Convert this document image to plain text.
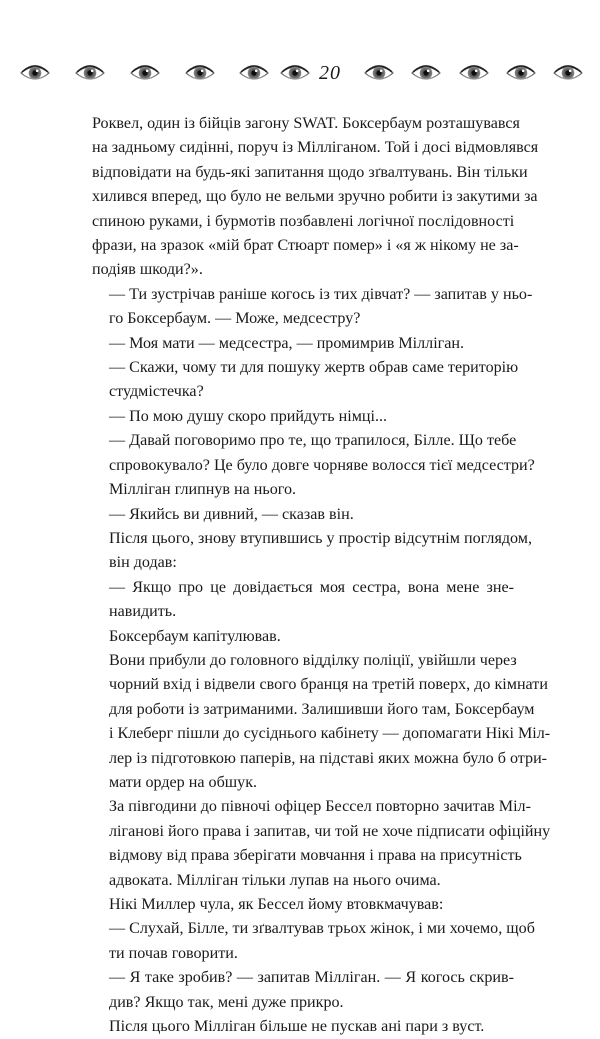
20

Роквел, один із бійців загону SWAT. Боксербаум розташувався
на задньому сидінні, поруч із Мілліганом. Той і досі відмовлявся
відповідати на будь-які запитання щодо зґвалтувань. Він тільки
хилився вперед, що було не вельми зручно робити із закутими за
спиною руками, і бурмотів позбавлені логічної послідовності
фрази, на зразок «мій брат Стюарт помер» і «я ж нікому не за-
подіяв шкоди?».

— Ти зустрічав раніше когось із тих дівчат? — запитав у ньо-
го Боксербаум. — Може, медсестру?

— Моя мати — медсестра, — промимрив Мілліган.

— Скажи, чому ти для пошуку жертв обрав саме територію
студмістечка?

— По мою душу скоро прийдуть німці...

— Давай поговоримо про те, що трапилося, Білле. Що тебе
спровокувало? Це було довге чорняве волосся тієї медсестри?

Мілліган глипнув на нього.

— Якийсь ви дивний, — сказав він.

Після цього, знову втупившись у простір відсутнім поглядом,
він додав:

— Якщо про це довідається моя сестра, вона мене зне-
навидить.

Боксербаум капітулював.

Вони прибули до головного відділку поліції, увійшли через
чорний вхід і відвели свого бранця на третій поверх, до кімнати
для роботи із затриманими. Залишивши його там, Боксербаум
і Клеберг пішли до сусіднього кабінету — допомагати Нікі Міл-
лер із підготовкою паперів, на підставі яких можна було б отри-
мати ордер на обшук.

За півгодини до півночі офіцер Бессел повторно зачитав Міл-
ліганові його права і запитав, чи той не хоче підписати офіційну
відмову від права зберігати мовчання і права на присутність
адвоката. Мілліган тільки лупав на нього очима.

Нікі Миллер чула, як Бессел йому втовкмачував:

— Слухай, Білле, ти зґвалтував трьох жінок, і ми хочемо, щоб
ти почав говорити.

— Я таке зробив? — запитав Мілліган. — Я когось скрив-
див? Якщо так, мені дуже прикро.

Після цього Мілліган більше не пускав ані пари з вуст.
